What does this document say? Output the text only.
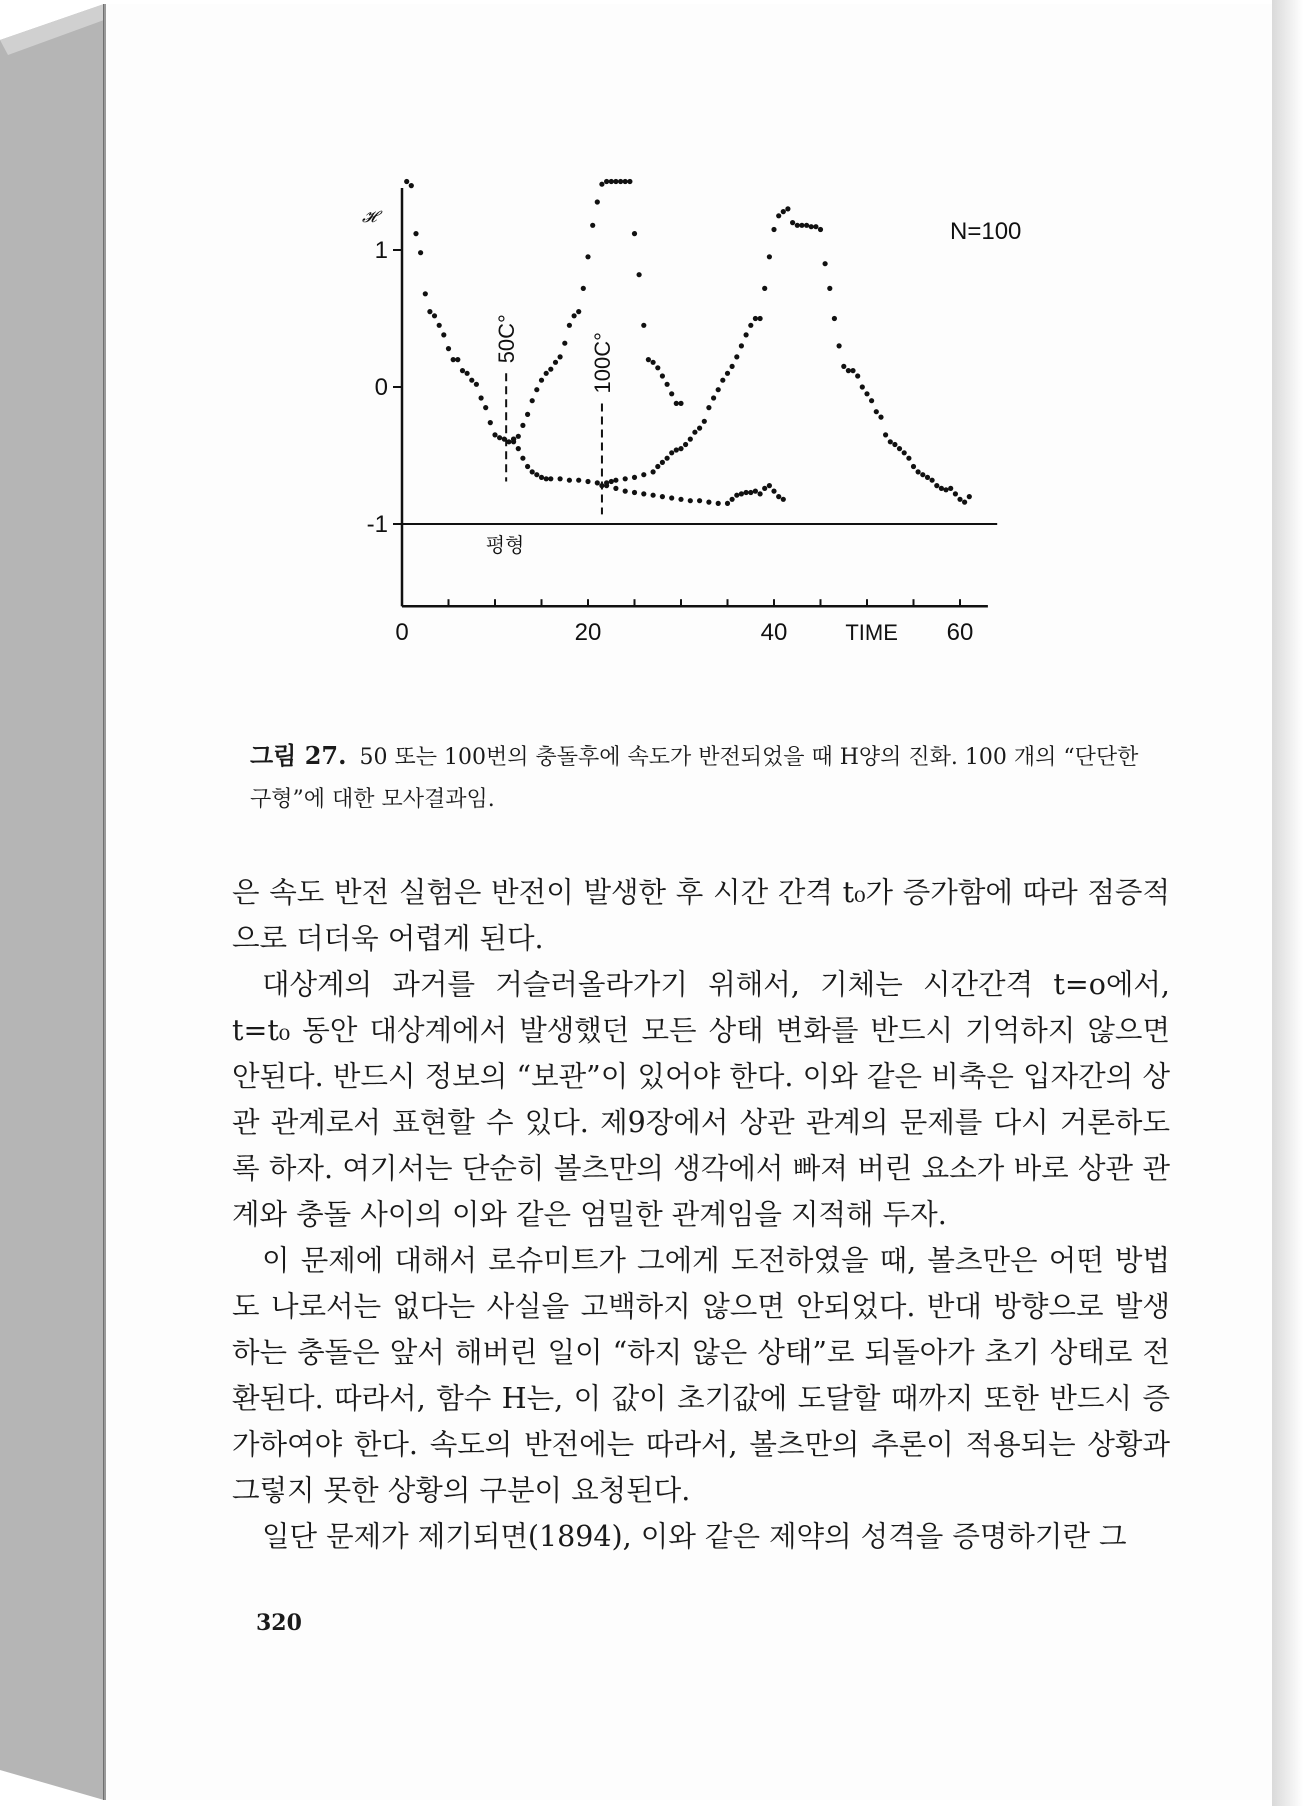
0	20	40	60
TIME
1
0
-1
평형
50C°	100C°
N=100
𝓗
그림 27. 50 또는 100번의 충돌후에 속도가 반전되었을 때 H양의 진화. 100 개의 “단단한 구형”에 대한 모사결과임.

은 속도 반전 실험은 반전이 발생한 후 시간 간격 t₀가 증가함에 따라 점증적으로 더더욱 어렵게 된다.

대상계의 과거를 거슬러올라가기 위해서, 기체는 시간간격 t=o에서, t=t₀ 동안 대상계에서 발생했던 모든 상태 변화를 반드시 기억하지 않으면 안된다. 반드시 정보의 “보관”이 있어야 한다. 이와 같은 비축은 입자간의 상관 관계로서 표현할 수 있다. 제9장에서 상관 관계의 문제를 다시 거론하도록 하자. 여기서는 단순히 볼츠만의 생각에서 빠져 버린 요소가 바로 상관 관계와 충돌 사이의 이와 같은 엄밀한 관계임을 지적해 두자.

이 문제에 대해서 로슈미트가 그에게 도전하였을 때, 볼츠만은 어떤 방법도 나로서는 없다는 사실을 고백하지 않으면 안되었다. 반대 방향으로 발생하는 충돌은 앞서 해버린 일이 “하지 않은 상태”로 되돌아가 초기 상태로 전환된다. 따라서, 함수 H는, 이 값이 초기값에 도달할 때까지 또한 반드시 증가하여야 한다. 속도의 반전에는 따라서, 볼츠만의 추론이 적용되는 상황과 그렇지 못한 상황의 구분이 요청된다.

일단 문제가 제기되면(1894), 이와 같은 제약의 성격을 증명하기란 그

320
